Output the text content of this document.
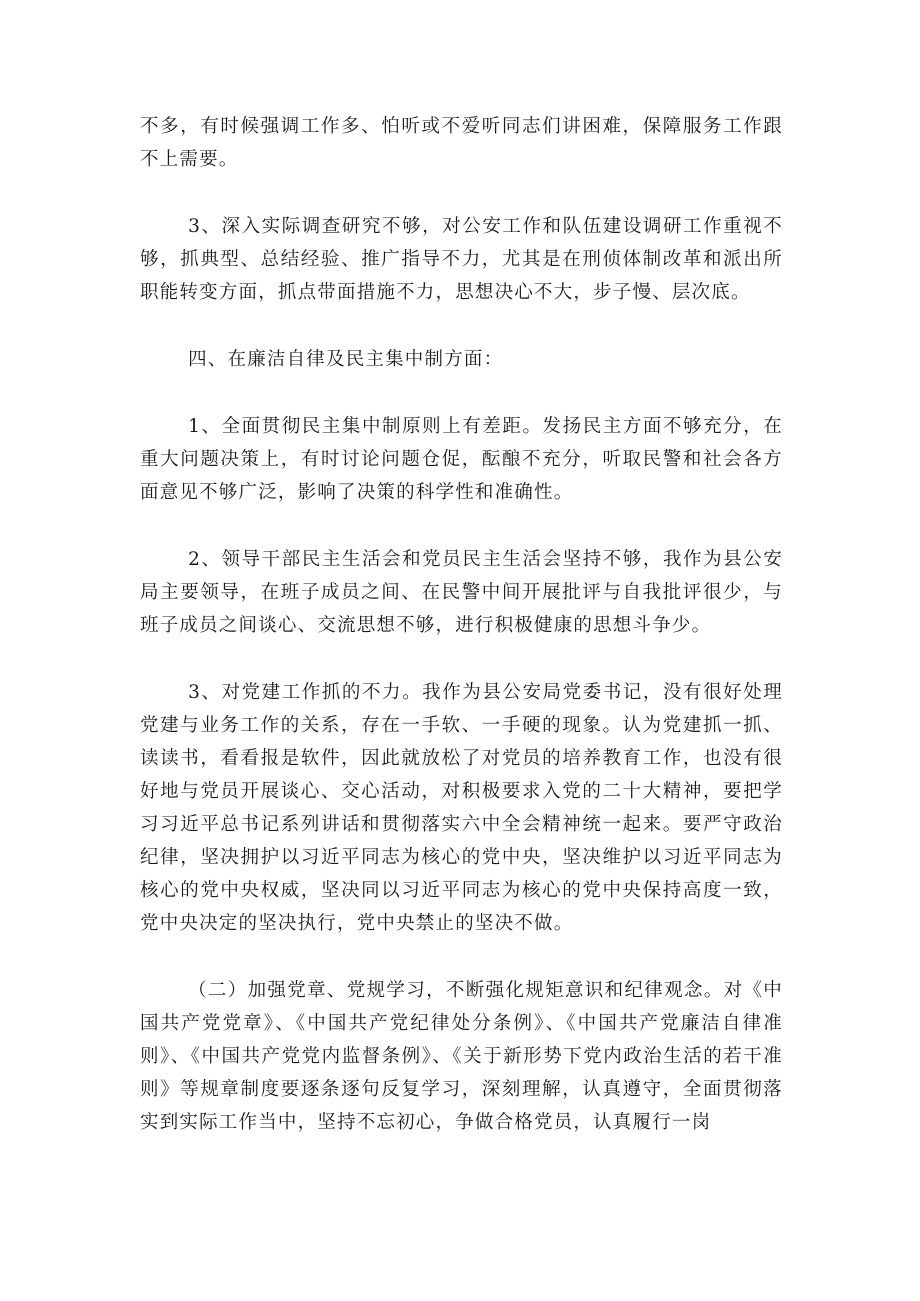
不多，有时候强调工作多、怕听或不爱听同志们讲困难，保障服务工作跟不上需要。

3、深入实际调查研究不够，对公安工作和队伍建设调研工作重视不够，抓典型、总结经验、推广指导不力，尤其是在刑侦体制改革和派出所职能转变方面，抓点带面措施不力，思想决心不大，步子慢、层次底。

四、在廉洁自律及民主集中制方面：

1、全面贯彻民主集中制原则上有差距。发扬民主方面不够充分，在重大问题决策上，有时讨论问题仓促，酝酿不充分，听取民警和社会各方面意见不够广泛，影响了决策的科学性和准确性。

2、领导干部民主生活会和党员民主生活会坚持不够，我作为县公安局主要领导，在班子成员之间、在民警中间开展批评与自我批评很少，与班子成员之间谈心、交流思想不够，进行积极健康的思想斗争少。

3、对党建工作抓的不力。我作为县公安局党委书记，没有很好处理党建与业务工作的关系，存在一手软、一手硬的现象。认为党建抓一抓、读读书，看看报是软件，因此就放松了对党员的培养教育工作，也没有很好地与党员开展谈心、交心活动，对积极要求入党的二十大精神，要把学习习近平总书记系列讲话和贯彻落实六中全会精神统一起来。要严守政治纪律，坚决拥护以习近平同志为核心的党中央，坚决维护以习近平同志为核心的党中央权威，坚决同以习近平同志为核心的党中央保持高度一致，党中央决定的坚决执行，党中央禁止的坚决不做。

（二）加强党章、党规学习，不断强化规矩意识和纪律观念。对《中国共产党党章》、《中国共产党纪律处分条例》、《中国共产党廉洁自律准则》、《中国共产党党内监督条例》、《关于新形势下党内政治生活的若干准则》等规章制度要逐条逐句反复学习，深刻理解，认真遵守，全面贯彻落实到实际工作当中，坚持不忘初心，争做合格党员，认真履行一岗
